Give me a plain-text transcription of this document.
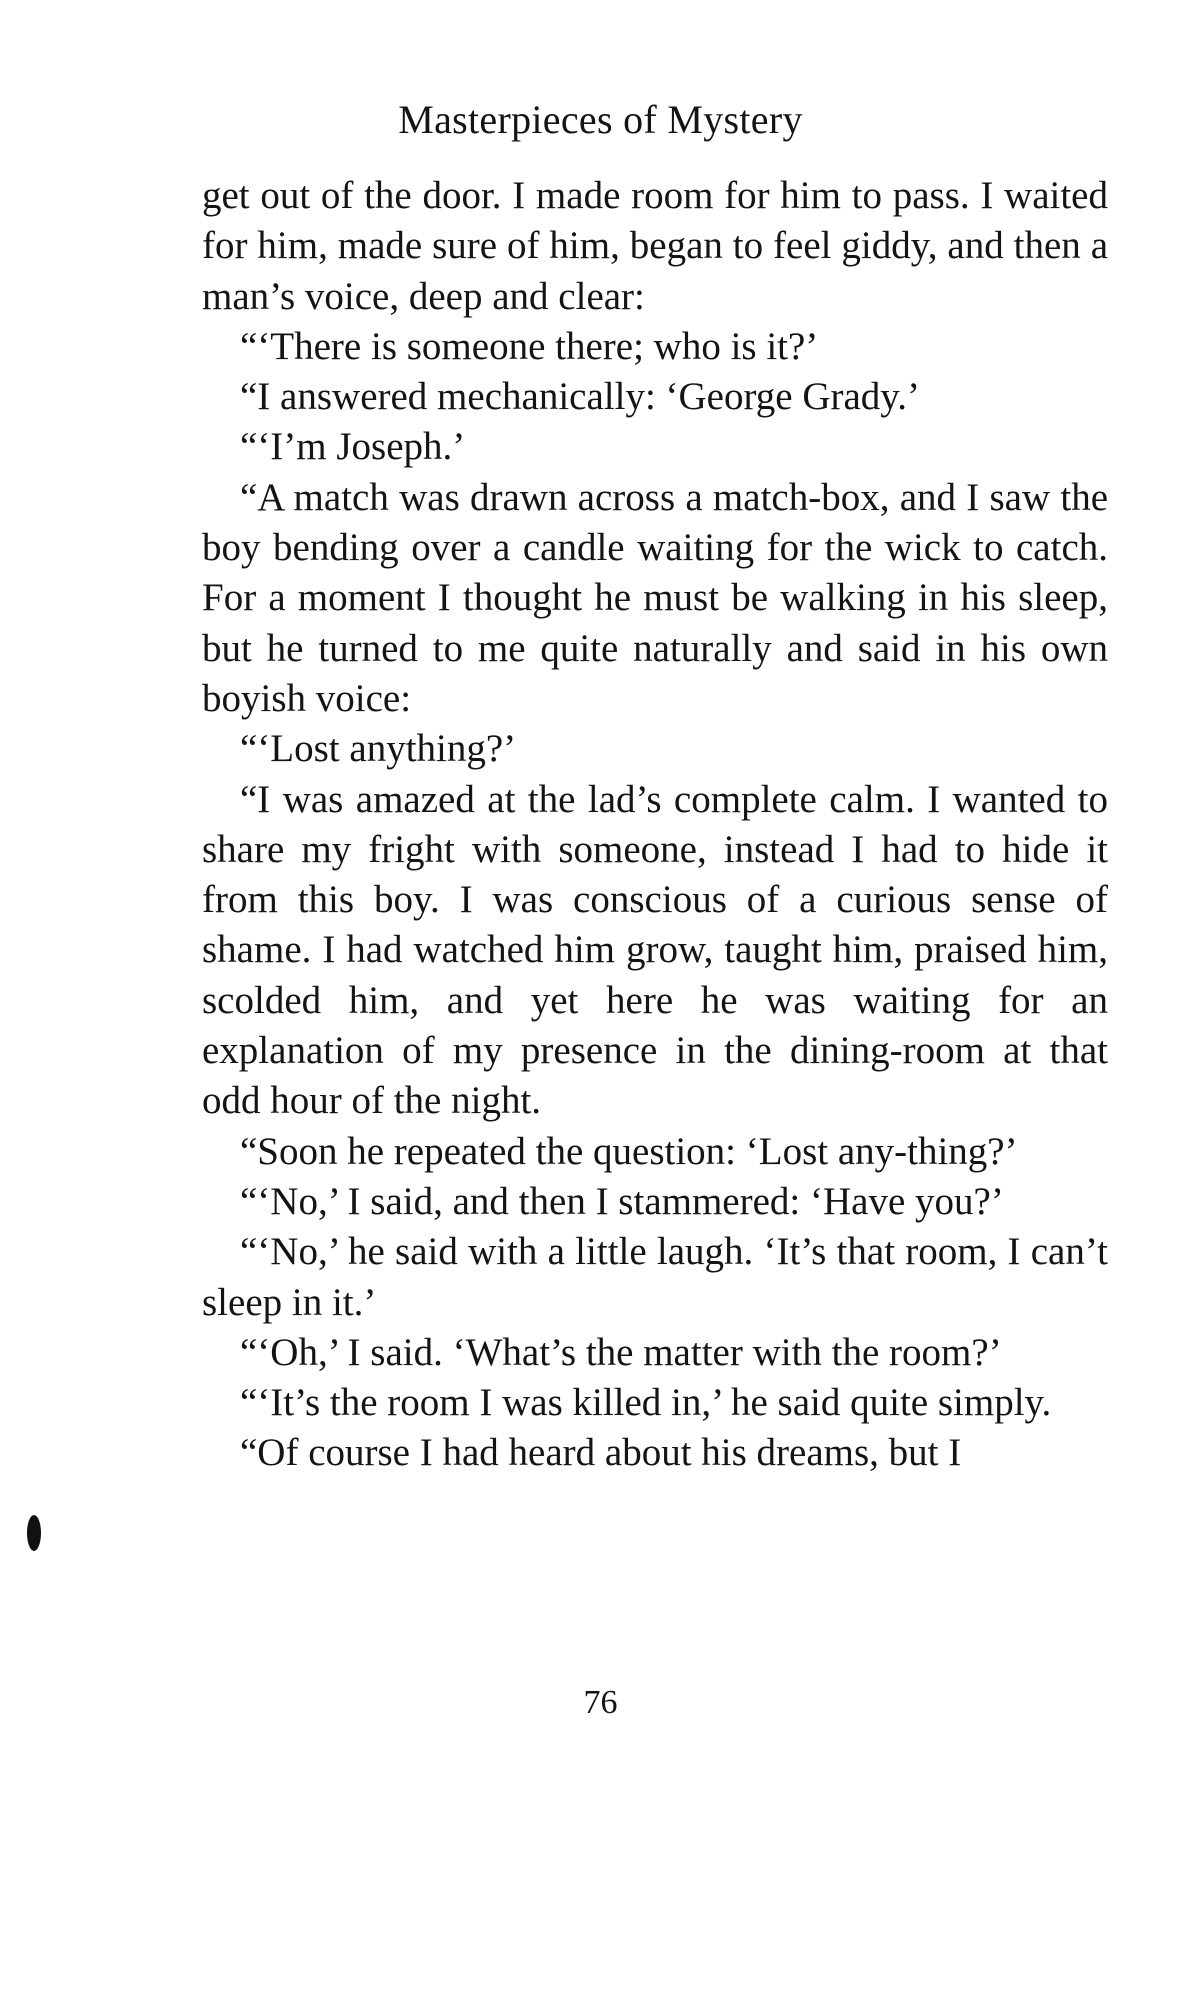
Masterpieces of Mystery

get out of the door. I made room for him to pass. I waited for him, made sure of him, began to feel giddy, and then a man’s voice, deep and clear:

“‘There is someone there; who is it?’

“I answered mechanically: ‘George Grady.’

“‘I’m Joseph.’

“A match was drawn across a match-box, and I saw the boy bending over a candle waiting for the wick to catch. For a moment I thought he must be walking in his sleep, but he turned to me quite naturally and said in his own boyish voice:

“‘Lost anything?’

“I was amazed at the lad’s complete calm. I wanted to share my fright with someone, instead I had to hide it from this boy. I was conscious of a curious sense of shame. I had watched him grow, taught him, praised him, scolded him, and yet here he was waiting for an explanation of my presence in the dining-room at that odd hour of the night.

“Soon he repeated the question: ‘Lost any-thing?’

“‘No,’ I said, and then I stammered: ‘Have you?’

“‘No,’ he said with a little laugh. ‘It’s that room, I can’t sleep in it.’

“‘Oh,’ I said. ‘What’s the matter with the room?’

“‘It’s the room I was killed in,’ he said quite simply.

“Of course I had heard about his dreams, but I

76
